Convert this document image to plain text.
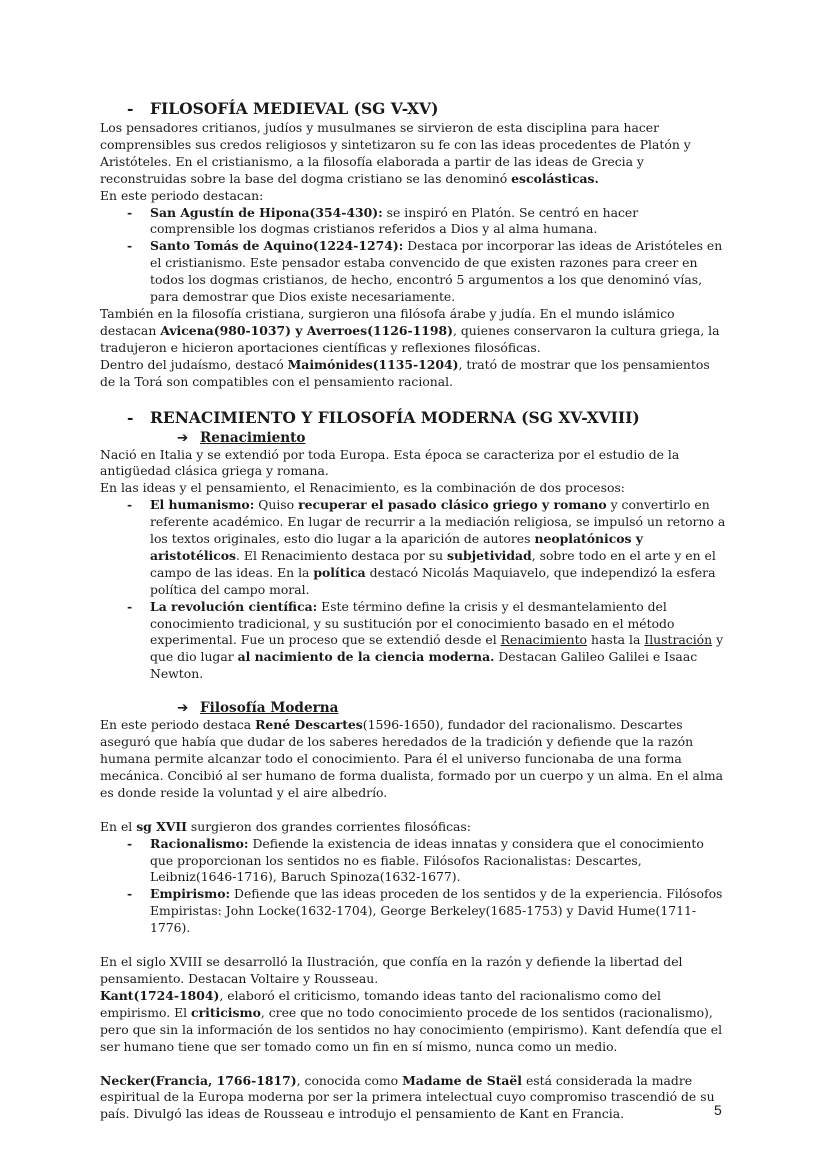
- FILOSOFÍA MEDIEVAL (SG V-XV)

Los pensadores critianos, judíos y musulmanes se sirvieron de esta disciplina para hacer comprensibles sus credos religiosos y sintetizaron su fe con las ideas procedentes de Platón y Aristóteles. En el cristianismo, a la filosofía elaborada a partir de las ideas de Grecia y reconstruidas sobre la base del dogma cristiano se las denominó escolásticas.

En este periodo destacan:

- San Agustín de Hipona(354-430): se inspiró en Platón. Se centró en hacer comprensible los dogmas cristianos referidos a Dios y al alma humana.
- Santo Tomás de Aquino(1224-1274): Destaca por incorporar las ideas de Aristóteles en el cristianismo. Este pensador estaba convencido de que existen razones para creer en todos los dogmas cristianos, de hecho, encontró 5 argumentos a los que denominó vías, para demostrar que Dios existe necesariamente.

También en la filosofía cristiana, surgieron una filósofa árabe y judía. En el mundo islámico destacan Avicena(980-1037) y Averroes(1126-1198), quienes conservaron la cultura griega, la tradujeron e hicieron aportaciones científicas y reflexiones filosóficas.

Dentro del judaísmo, destacó Maimónides(1135-1204), trató de mostrar que los pensamientos de la Torá son compatibles con el pensamiento racional.

- RENACIMIENTO Y FILOSOFÍA MODERNA (SG XV-XVIII)
➔ Renacimiento

Nació en Italia y se extendió por toda Europa. Esta época se caracteriza por el estudio de la antigüedad clásica griega y romana.

En las ideas y el pensamiento, el Renacimiento, es la combinación de dos procesos:

- El humanismo: Quiso recuperar el pasado clásico griego y romano y convertirlo en referente académico. En lugar de recurrir a la mediación religiosa, se impulsó un retorno a los textos originales, esto dio lugar a la aparición de autores neoplatónicos y aristotélicos. El Renacimiento destaca por su subjetividad, sobre todo en el arte y en el campo de las ideas. En la política destacó Nicolás Maquiavelo, que independizó la esfera política del campo moral.
- La revolución científica: Este término define la crisis y el desmantelamiento del conocimiento tradicional, y su sustitución por el conocimiento basado en el método experimental. Fue un proceso que se extendió desde el Renacimiento hasta la Ilustración y que dio lugar al nacimiento de la ciencia moderna. Destacan Galileo Galilei e Isaac Newton.
➔ Filosofía Moderna

En este periodo destaca René Descartes(1596-1650), fundador del racionalismo. Descartes aseguró que había que dudar de los saberes heredados de la tradición y defiende que la razón humana permite alcanzar todo el conocimiento. Para él el universo funcionaba de una forma mecánica. Concibió al ser humano de forma dualista, formado por un cuerpo y un alma. En el alma es donde reside la voluntad y el aire albedrío.

En el sg XVII surgieron dos grandes corrientes filosóficas:

- Racionalismo: Defiende la existencia de ideas innatas y considera que el conocimiento que proporcionan los sentidos no es fiable. Filósofos Racionalistas: Descartes, Leibniz(1646-1716), Baruch Spinoza(1632-1677).
- Empirismo: Defiende que las ideas proceden de los sentidos y de la experiencia. Filósofos Empiristas: John Locke(1632-1704), George Berkeley(1685-1753) y David Hume(1711-1776).

En el siglo XVIII se desarrolló la Ilustración, que confía en la razón y defiende la libertad del pensamiento. Destacan Voltaire y Rousseau.

Kant(1724-1804), elaboró el criticismo, tomando ideas tanto del racionalismo como del empirismo. El criticismo, cree que no todo conocimiento procede de los sentidos (racionalismo), pero que sin la información de los sentidos no hay conocimiento (empirismo). Kant defendía que el ser humano tiene que ser tomado como un fin en sí mismo, nunca como un medio.

Necker(Francia, 1766-1817), conocida como Madame de Staël está considerada la madre espiritual de la Europa moderna por ser la primera intelectual cuyo compromiso trascendió de su país. Divulgó las ideas de Rousseau e introdujo el pensamiento de Kant en Francia.	5
